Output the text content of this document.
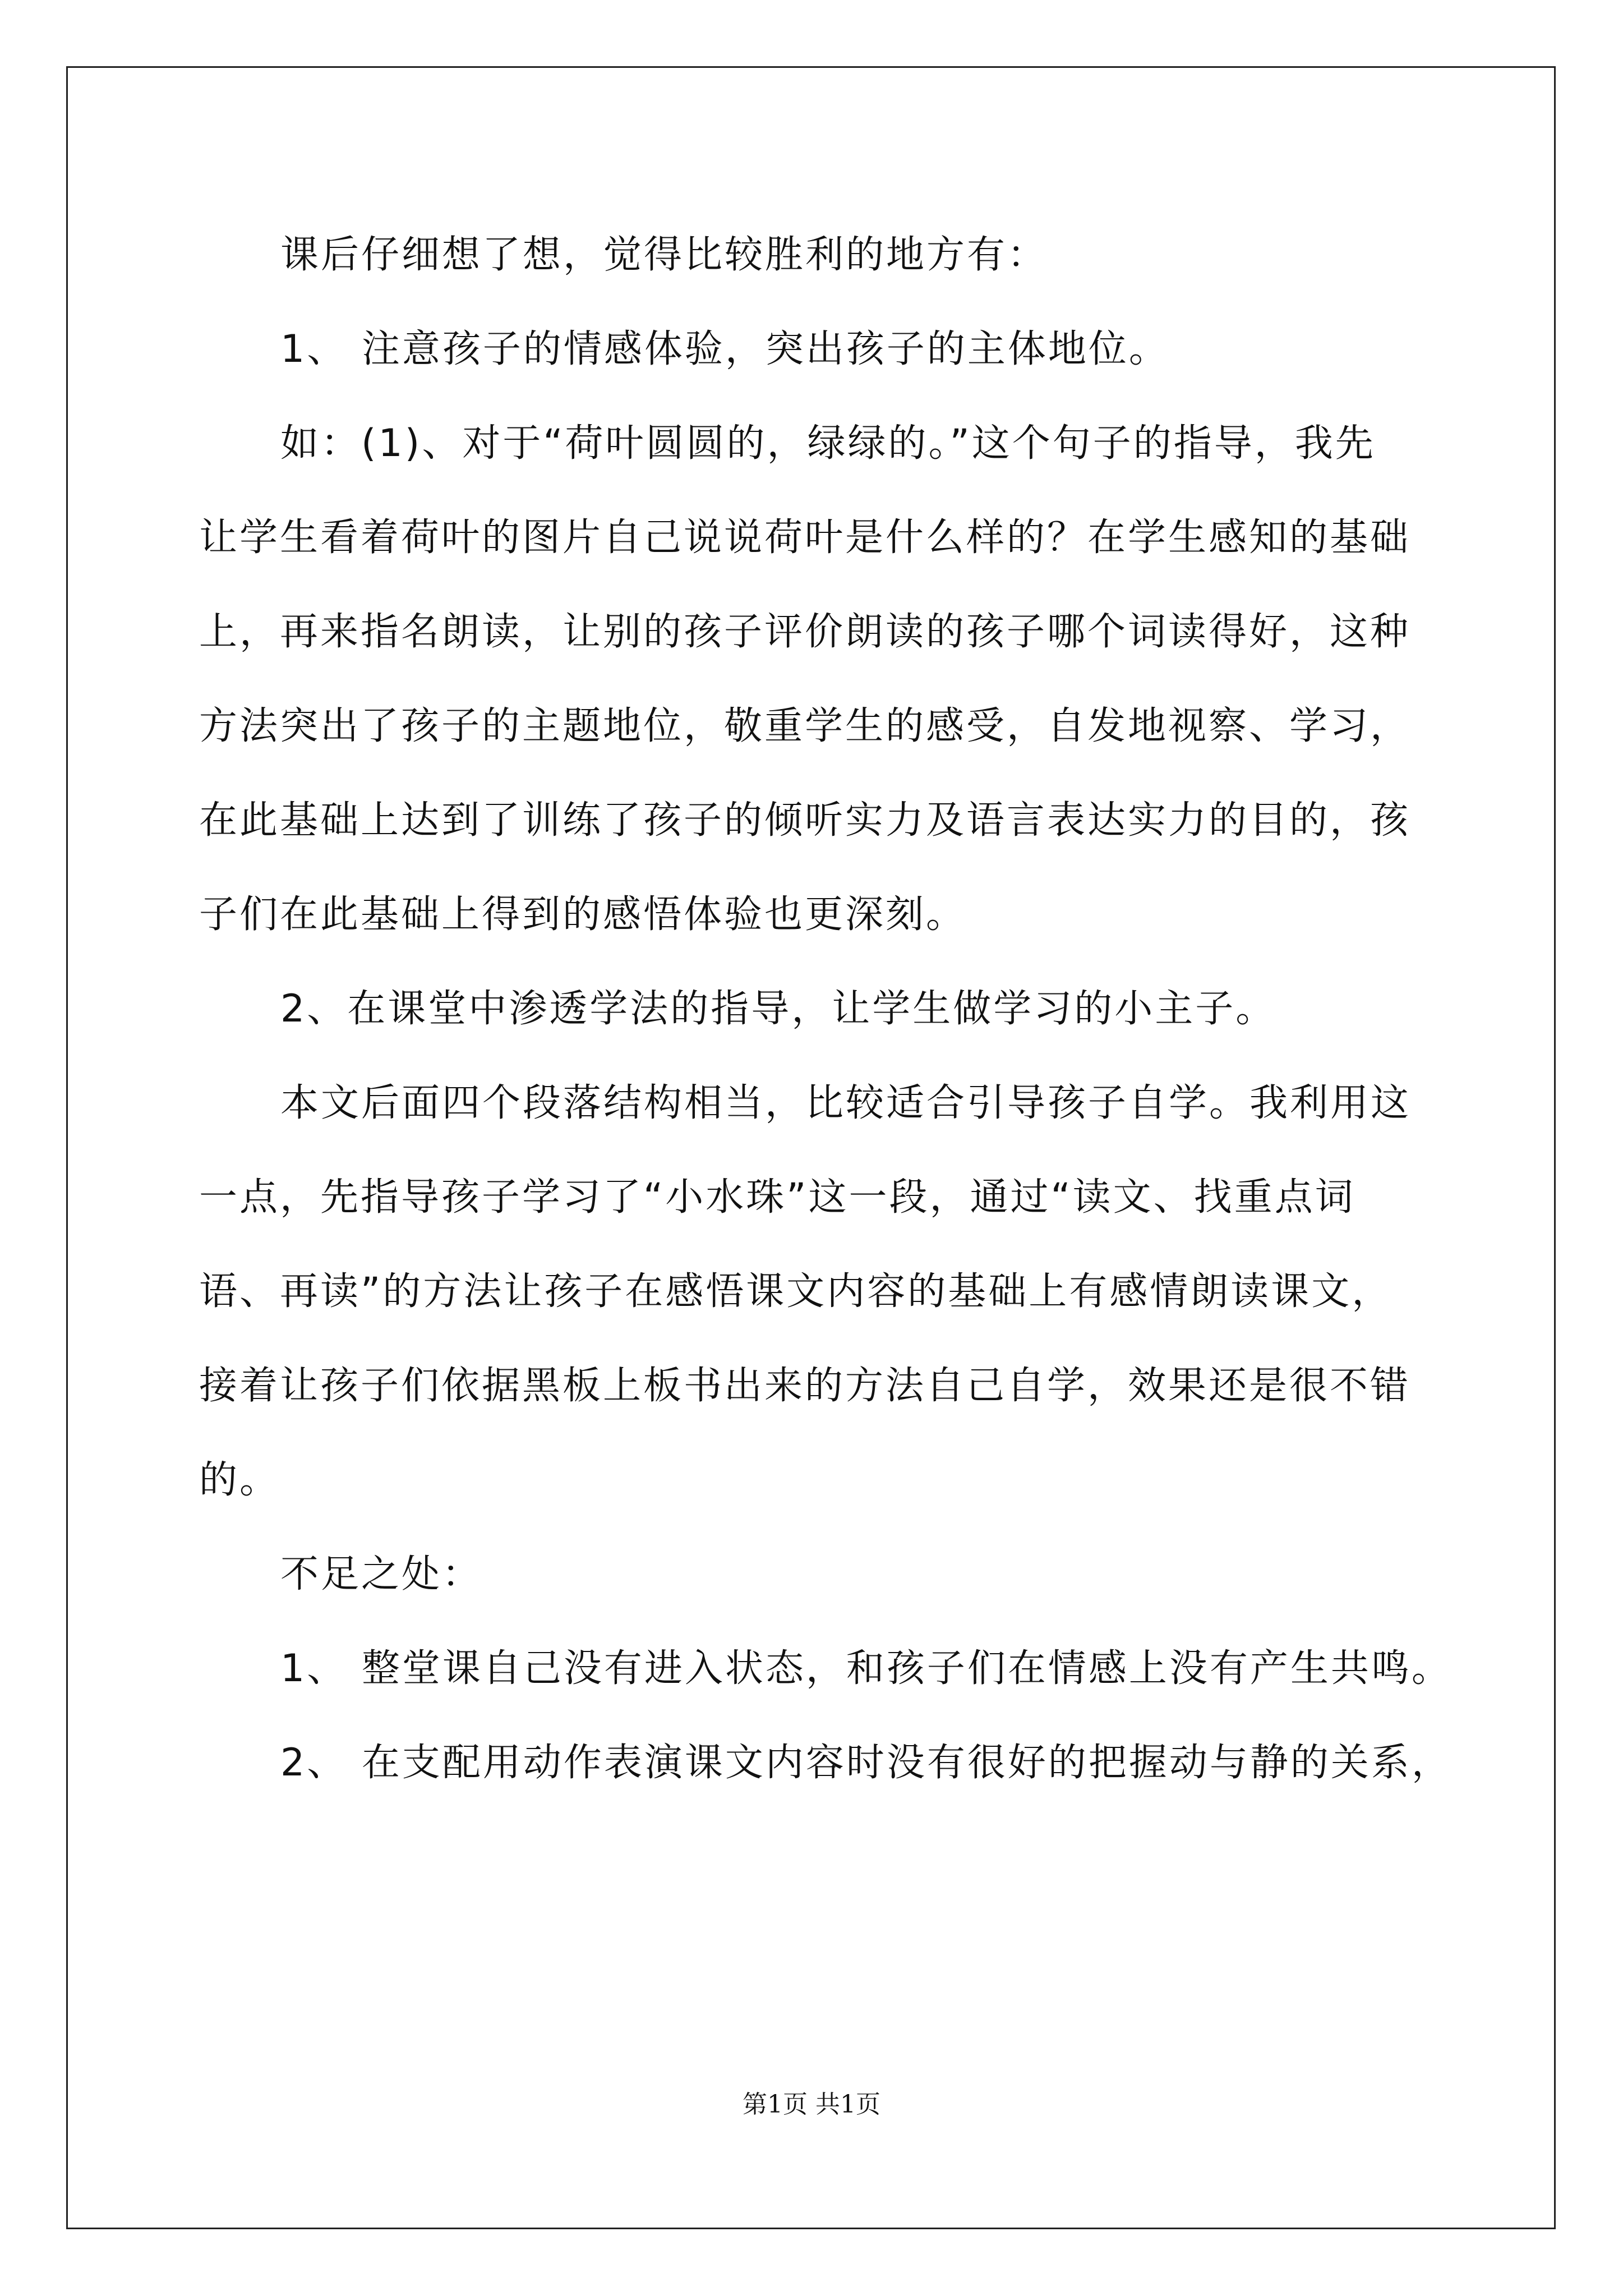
课后仔细想了想，觉得比较胜利的地方有：
1、 注意孩子的情感体验，突出孩子的主体地位。
如：(1)、对于“荷叶圆圆的，绿绿的。”这个句子的指导，我先
让学生看着荷叶的图片自己说说荷叶是什么样的？在学生感知的基础
上，再来指名朗读，让别的孩子评价朗读的孩子哪个词读得好，这种
方法突出了孩子的主题地位，敬重学生的感受，自发地视察、学习，
在此基础上达到了训练了孩子的倾听实力及语言表达实力的目的，孩
子们在此基础上得到的感悟体验也更深刻。
2、在课堂中渗透学法的指导，让学生做学习的小主子。
本文后面四个段落结构相当，比较适合引导孩子自学。我利用这
一点，先指导孩子学习了“小水珠”这一段，通过“读文、找重点词
语、再读”的方法让孩子在感悟课文内容的基础上有感情朗读课文，
接着让孩子们依据黑板上板书出来的方法自己自学，效果还是很不错
的。
不足之处：
1、 整堂课自己没有进入状态，和孩子们在情感上没有产生共鸣。
2、 在支配用动作表演课文内容时没有很好的把握动与静的关系，
第1页 共1页
